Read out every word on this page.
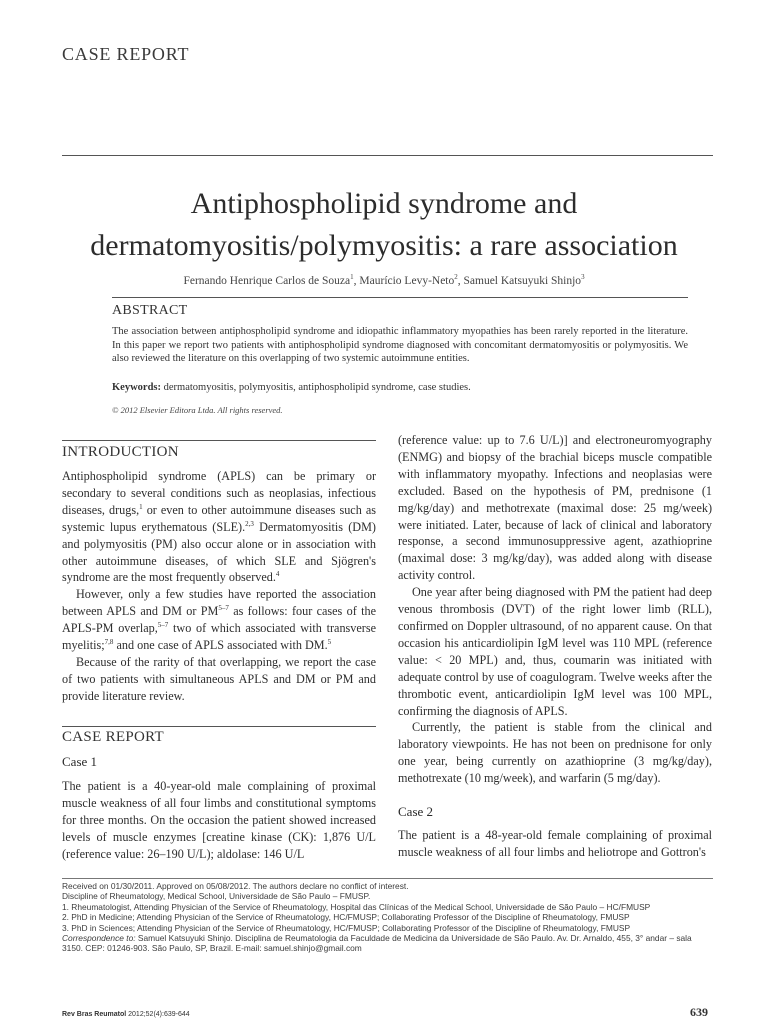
CASE REPORT
Antiphospholipid syndrome and
dermatomyositis/polymyositis: a rare association
Fernando Henrique Carlos de Souza$^1$, Maurício Levy-Neto$^2$, Samuel Katsuyuki Shinjo$^3$
ABSTRACT
The association between antiphospholipid syndrome and idiopathic inflammatory myopathies has been rarely reported in the literature. In this paper we report two patients with antiphospholipid syndrome diagnosed with concomitant dermatomyositis or polymyositis. We also reviewed the literature on this overlapping of two systemic autoimmune entities.
Keywords: dermatomyositis, polymyositis, antiphospholipid syndrome, case studies.
© 2012 Elsevier Editora Ltda. All rights reserved.
INTRODUCTION

Antiphospholipid syndrome (APLS) can be primary or secondary to several conditions such as neoplasias, infectious diseases, drugs,$^1$ or even to other autoimmune diseases such as systemic lupus erythematous (SLE).$^{2,3}$ Dermatomyositis (DM) and polymyositis (PM) also occur alone or in association with other autoimmune diseases, of which SLE and Sjögren's syndrome are the most frequently observed.$^4$

However, only a few studies have reported the association between APLS and DM or PM$^{5-7}$ as follows: four cases of the APLS-PM overlap,$^{5-7}$ two of which associated with transverse myelitis;$^{7,8}$ and one case of APLS associated with DM.$^5$

Because of the rarity of that overlapping, we report the case of two patients with simultaneous APLS and DM or PM and provide literature review.

CASE REPORT
Case 1
The patient is a 40-year-old male complaining of proximal muscle weakness of all four limbs and constitutional symptoms for three months. On the occasion the patient showed increased levels of muscle enzymes [creatine kinase (CK): 1,876 U/L (reference value: 26–190 U/L); aldolase: 146 U/L

(reference value: up to 7.6 U/L)] and electroneuromyography (ENMG) and biopsy of the brachial biceps muscle compatible with inflammatory myopathy. Infections and neoplasias were excluded. Based on the hypothesis of PM, prednisone (1 mg/kg/day) and methotrexate (maximal dose: 25 mg/week) were initiated. Later, because of lack of clinical and laboratory response, a second immunosuppressive agent, azathioprine (maximal dose: 3 mg/kg/day), was added along with disease activity control.

One year after being diagnosed with PM the patient had deep venous thrombosis (DVT) of the right lower limb (RLL), confirmed on Doppler ultrasound, of no apparent cause. On that occasion his anticardiolipin IgM level was 110 MPL (reference value: < 20 MPL) and, thus, coumarin was initiated with adequate control by use of coagulogram. Twelve weeks after the thrombotic event, anticardiolipin IgM level was 100 MPL, confirming the diagnosis of APLS.

Currently, the patient is stable from the clinical and laboratory viewpoints. He has not been on prednisone for only one year, being currently on azathioprine (3 mg/kg/day), methotrexate (10 mg/week), and warfarin (5 mg/day).

Case 2
The patient is a 48-year-old female complaining of proximal muscle weakness of all four limbs and heliotrope and Gottron's
Received on 01/30/2011. Approved on 05/08/2012. The authors declare no conflict of interest.
Discipline of Rheumatology, Medical School, Universidade de São Paulo – FMUSP.
1. Rheumatologist, Attending Physician of the Service of Rheumatology, Hospital das Clínicas of the Medical School, Universidade de São Paulo – HC/FMUSP
2. PhD in Medicine; Attending Physician of the Service of Rheumatology, HC/FMUSP; Collaborating Professor of the Discipline of Rheumatology, FMUSP
3. PhD in Sciences; Attending Physician of the Service of Rheumatology, HC/FMUSP; Collaborating Professor of the Discipline of Rheumatology, FMUSP
Correspondence to: Samuel Katsuyuki Shinjo. Disciplina de Reumatologia da Faculdade de Medicina da Universidade de São Paulo. Av. Dr. Arnaldo, 455, 3° andar – sala 3150. CEP: 01246-903. São Paulo, SP, Brazil. E-mail: samuel.shinjo@gmail.com
Rev Bras Reumatol 2012;52(4):639-644	639
